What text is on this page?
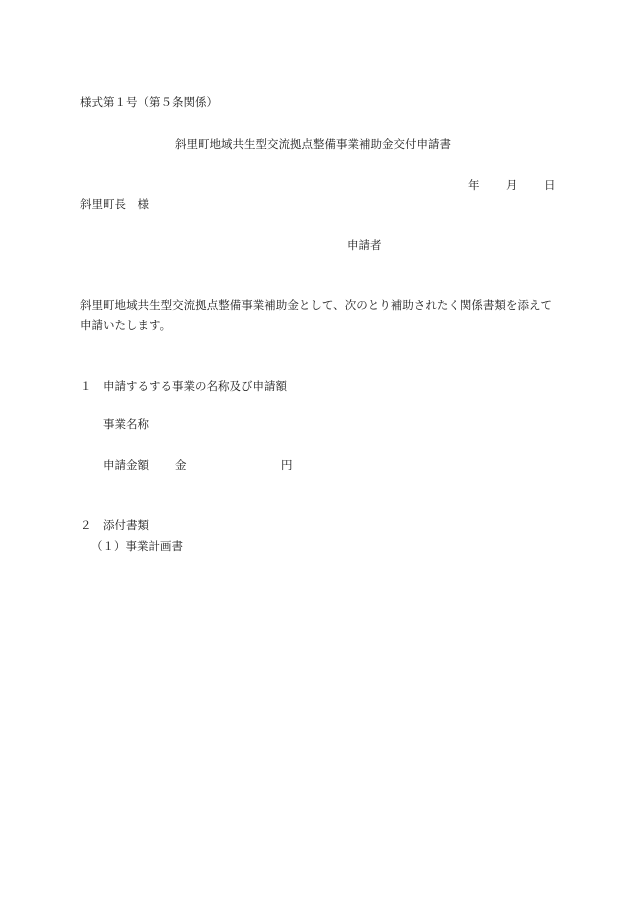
様式第１号（第５条関係）
斜里町地域共生型交流拠点整備事業補助金交付申請書
年 月 日
斜里町長　様
申請者
斜里町地域共生型交流拠点整備事業補助金として、次のとり補助されたく関係書類を添えて申請いたします。
１　申請するする事業の名称及び申請額
事業名称
申請金額 金	円
２　添付書類
（１）事業計画書
